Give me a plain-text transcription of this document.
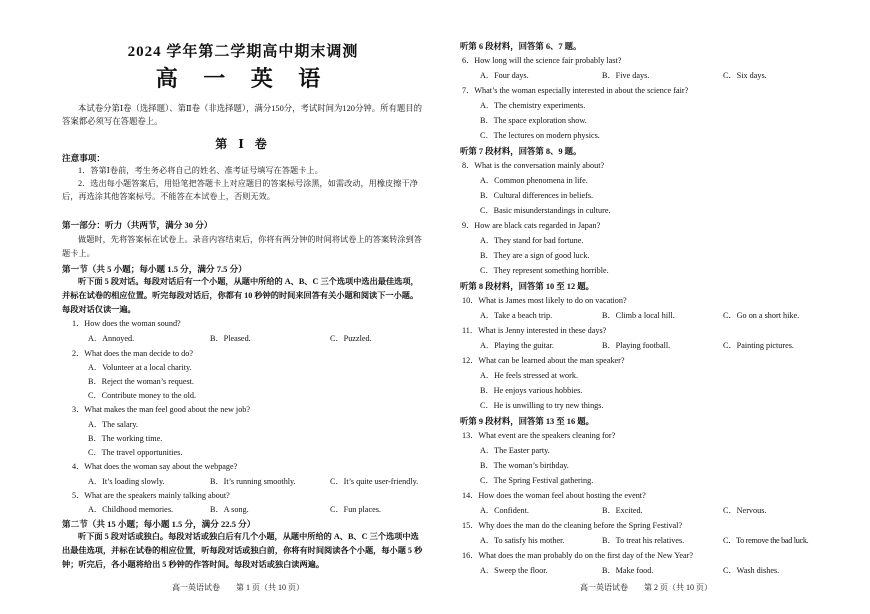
2024 学年第二学期高中期末调测
高 一 英 语
本试卷分第Ⅰ卷（选择题）、第Ⅱ卷（非选择题），满分150分，考试时间为120分钟。所有题目的答案都必须写在答题卷上。
第 Ⅰ 卷
注意事项：
1．答第Ⅰ卷前，考生务必将自己的姓名、准考证号填写在答题卡上。
2．选出每小题答案后，用铅笔把答题卡上对应题目的答案标号涂黑，如需改动，用橡皮擦干净后，再选涂其他答案标号。不能答在本试卷上，否则无效。
第一部分：听力（共两节，满分 30 分）
做题时，先将答案标在试卷上。录音内容结束后，你将有两分钟的时间将试卷上的答案转涂到答题卡上。
第一节（共 5 小题；每小题 1.5 分，满分 7.5 分）
听下面 5 段对话。每段对话后有一个小题，从题中所给的 A、B、C 三个选项中选出最佳选项，并标在试卷的相应位置。听完每段对话后，你都有 10 秒钟的时间来回答有关小题和阅读下一小题。每段对话仅读一遍。
1．How does the woman sound?
A．Annoyed.	B．Pleased.	C．Puzzled.
2．What does the man decide to do?
A．Volunteer at a local charity.
B．Reject the woman’s request.
C．Contribute money to the old.
3．What makes the man feel good about the new job?
A．The salary.
B．The working time.
C．The travel opportunities.
4．What does the woman say about the webpage?
A．It’s loading slowly.	B．It’s running smoothly.	C．It’s quite user-friendly.
5．What are the speakers mainly talking about?
A．Childhood memories.	B．A song.	C．Fun places.
第二节（共 15 小题；每小题 1.5 分，满分 22.5 分）
听下面 5 段对话或独白。每段对话或独白后有几个小题，从题中所给的 A、B、C 三个选项中选出最佳选项，并标在试卷的相应位置，听每段对话或独白前，你将有时间阅读各个小题，每小题 5 秒钟；听完后，各小题将给出 5 秒钟的作答时间。每段对话或独白读两遍。
高一英语试卷　　第 1 页（共 10 页）
听第 6 段材料，回答第 6、7 题。
6．How long will the science fair probably last?
A．Four days.	B．Five days.	C．Six days.
7．What’s the woman especially interested in about the science fair?
A．The chemistry experiments.
B．The space exploration show.
C．The lectures on modern physics.
听第 7 段材料，回答第 8、9 题。
8．What is the conversation mainly about?
A．Common phenomena in life.
B．Cultural differences in beliefs.
C．Basic misunderstandings in culture.
9．How are black cats regarded in Japan?
A．They stand for bad fortune.
B．They are a sign of good luck.
C．They represent something horrible.
听第 8 段材料，回答第 10 至 12 题。
10．What is James most likely to do on vacation?
A．Take a beach trip.	B．Climb a local hill.	C．Go on a short hike.
11．What is Jenny interested in these days?
A．Playing the guitar.	B．Playing football.	C．Painting pictures.
12．What can be learned about the man speaker?
A．He feels stressed at work.
B．He enjoys various hobbies.
C．He is unwilling to try new things.
听第 9 段材料，回答第 13 至 16 题。
13．What event are the speakers cleaning for?
A．The Easter party.
B．The woman’s birthday.
C．The Spring Festival gathering.
14．How does the woman feel about hosting the event?
A．Confident.	B．Excited.	C．Nervous.
15．Why does the man do the cleaning before the Spring Festival?
A．To satisfy his mother.	B．To treat his relatives.	C．To remove the bad luck.
16．What does the man probably do on the first day of the New Year?
A．Sweep the floor.	B．Make food.	C．Wash dishes.
高一英语试卷　　第 2 页（共 10 页）
